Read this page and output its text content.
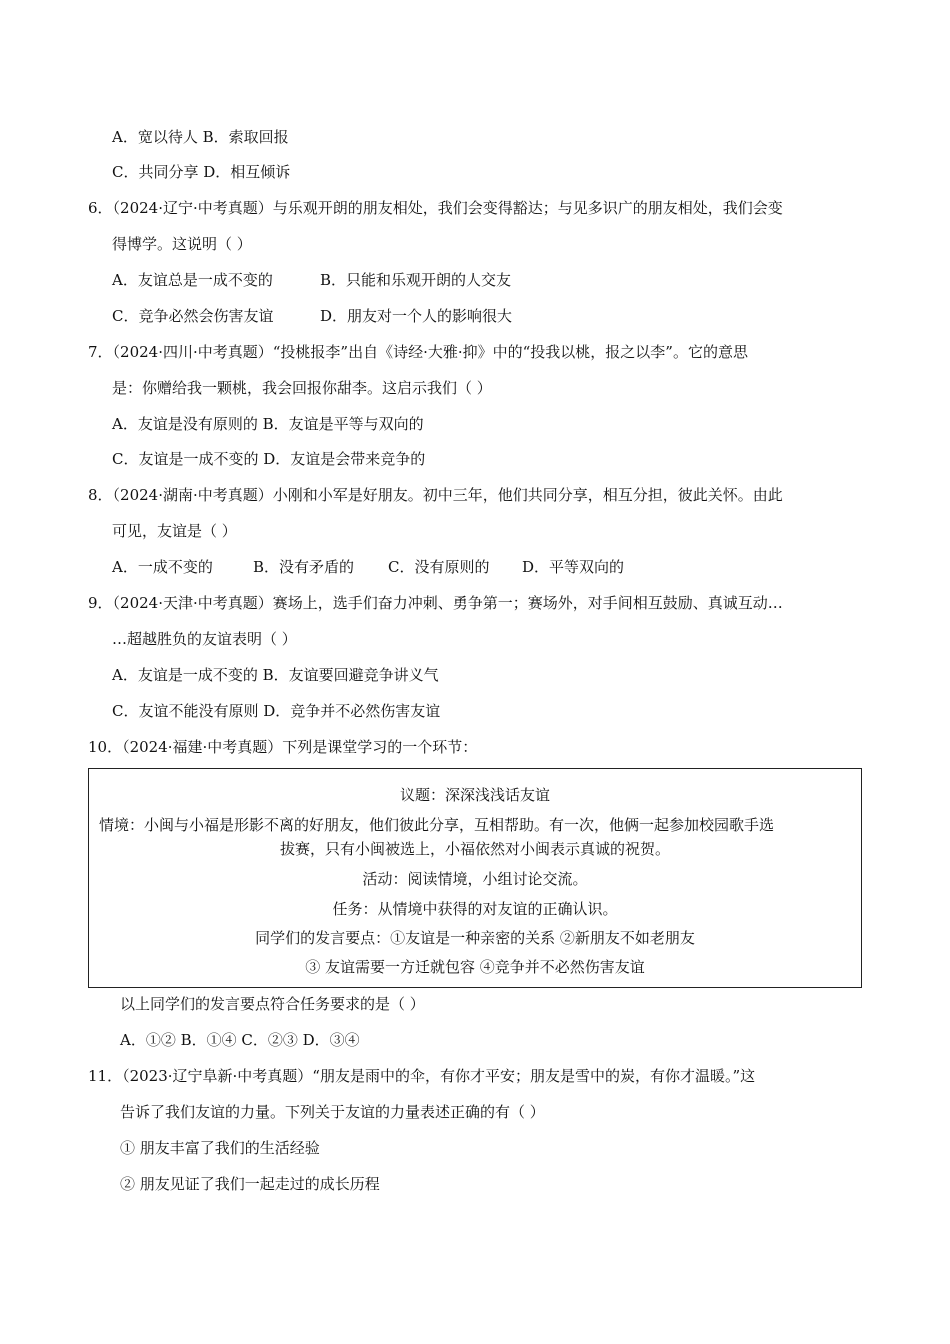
A．宽以待人 B．索取回报
C．共同分享 D．相互倾诉
6．（2024·辽宁·中考真题）与乐观开朗的朋友相处，我们会变得豁达；与见多识广的朋友相处，我们会变
得博学。这说明（ ）
A．友谊总是一成不变的	B．只能和乐观开朗的人交友
C．竞争必然会伤害友谊	D．朋友对一个人的影响很大
7．（2024·四川·中考真题）“投桃报李”出自《诗经·大雅·抑》中的“投我以桃，报之以李”。它的意思
是：你赠给我一颗桃，我会回报你甜李。这启示我们（ ）
A．友谊是没有原则的 B．友谊是平等与双向的
C．友谊是一成不变的 D．友谊是会带来竞争的
8．（2024·湖南·中考真题）小刚和小军是好朋友。初中三年，他们共同分享，相互分担，彼此关怀。由此
可见，友谊是（ ）
A．一成不变的	B．没有矛盾的 C．没有原则的 D．平等双向的
9．（2024·天津·中考真题）赛场上，选手们奋力冲刺、勇争第一；赛场外，对手间相互鼓励、真诚互动…
…超越胜负的友谊表明（ ）
A．友谊是一成不变的 B．友谊要回避竞争讲义气
C．友谊不能没有原则 D．竞争并不必然伤害友谊
10．（2024·福建·中考真题）下列是课堂学习的一个环节：
议题：深深浅浅话友谊
情境：小闽与小福是形影不离的好朋友，他们彼此分享，互相帮助。有一次，他俩一起参加校园歌手选
拔赛，只有小闽被选上，小福依然对小闽表示真诚的祝贺。
活动：阅读情境，小组讨论交流。
任务：从情境中获得的对友谊的正确认识。
同学们的发言要点：①友谊是一种亲密的关系 ②新朋友不如老朋友
③ 友谊需要一方迁就包容 ④竞争并不必然伤害友谊
以上同学们的发言要点符合任务要求的是（ ）
A．①② B．①④ C．②③ D．③④
11．（2023·辽宁阜新·中考真题）“朋友是雨中的伞，有你才平安；朋友是雪中的炭，有你才温暖。”这
告诉了我们友谊的力量。下列关于友谊的力量表述正确的有（ ）
① 朋友丰富了我们的生活经验
② 朋友见证了我们一起走过的成长历程
